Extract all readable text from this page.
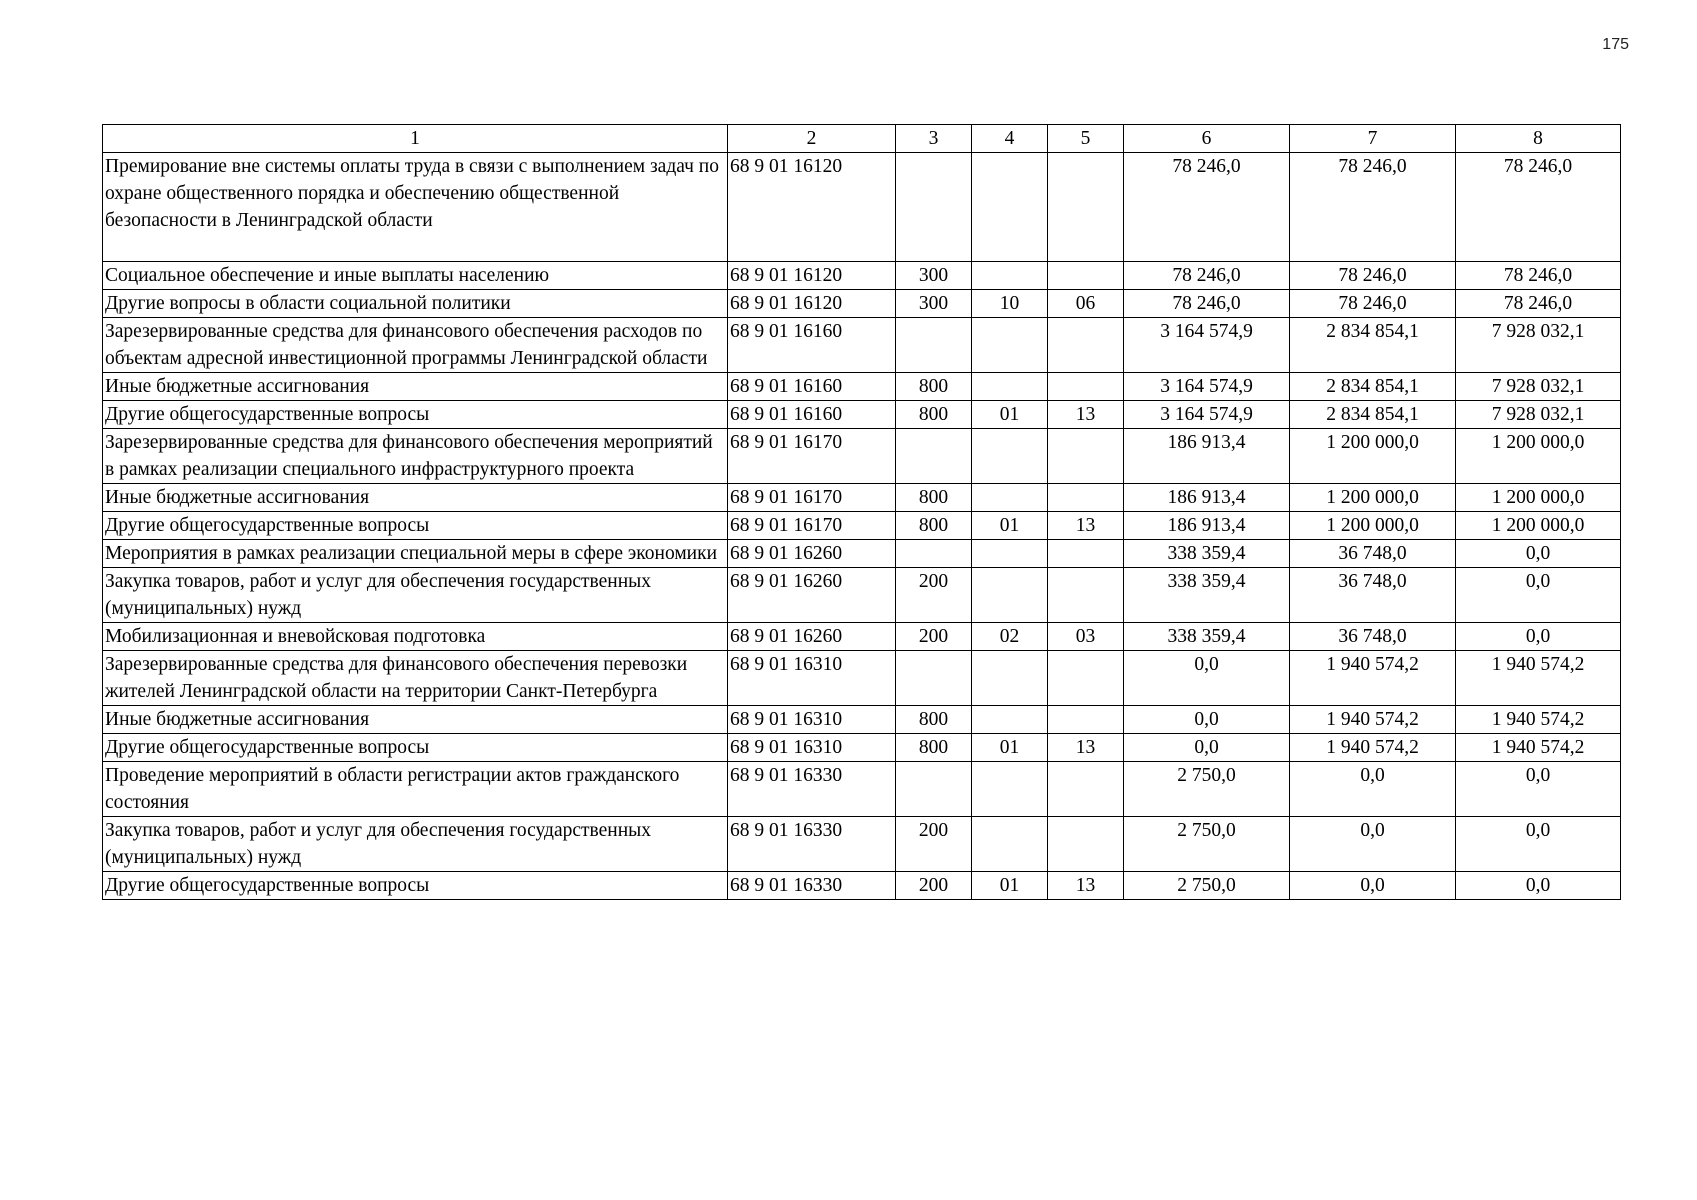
175
1	2	3	4	5	6	7	8
Премирование вне системы оплаты труда в связи с выполнением задач по охране общественного порядка и обеспечению общественной безопасности в Ленинградской области	68 9 01 16120				78 246,0	78 246,0	78 246,0
Социальное обеспечение и иные выплаты населению	68 9 01 16120	300			78 246,0	78 246,0	78 246,0
Другие вопросы в области социальной политики	68 9 01 16120	300	10	06	78 246,0	78 246,0	78 246,0
Зарезервированные средства для финансового обеспечения расходов по объектам адресной инвестиционной программы Ленинградской области	68 9 01 16160				3 164 574,9	2 834 854,1	7 928 032,1
Иные бюджетные ассигнования	68 9 01 16160	800			3 164 574,9	2 834 854,1	7 928 032,1
Другие общегосударственные вопросы	68 9 01 16160	800	01	13	3 164 574,9	2 834 854,1	7 928 032,1
Зарезервированные средства для финансового обеспечения мероприятий в рамках реализации специального инфраструктурного проекта	68 9 01 16170				186 913,4	1 200 000,0	1 200 000,0
Иные бюджетные ассигнования	68 9 01 16170	800			186 913,4	1 200 000,0	1 200 000,0
Другие общегосударственные вопросы	68 9 01 16170	800	01	13	186 913,4	1 200 000,0	1 200 000,0
Мероприятия в рамках реализации специальной меры в сфере экономики	68 9 01 16260				338 359,4	36 748,0	0,0
Закупка товаров, работ и услуг для обеспечения государственных (муниципальных) нужд	68 9 01 16260	200			338 359,4	36 748,0	0,0
Мобилизационная и вневойсковая подготовка	68 9 01 16260	200	02	03	338 359,4	36 748,0	0,0
Зарезервированные средства для финансового обеспечения перевозки жителей Ленинградской области на территории Санкт-Петербурга	68 9 01 16310				0,0	1 940 574,2	1 940 574,2
Иные бюджетные ассигнования	68 9 01 16310	800			0,0	1 940 574,2	1 940 574,2
Другие общегосударственные вопросы	68 9 01 16310	800	01	13	0,0	1 940 574,2	1 940 574,2
Проведение мероприятий в области регистрации актов гражданского состояния	68 9 01 16330				2 750,0	0,0	0,0
Закупка товаров, работ и услуг для обеспечения государственных (муниципальных) нужд	68 9 01 16330	200			2 750,0	0,0	0,0
Другие общегосударственные вопросы	68 9 01 16330	200	01	13	2 750,0	0,0	0,0
